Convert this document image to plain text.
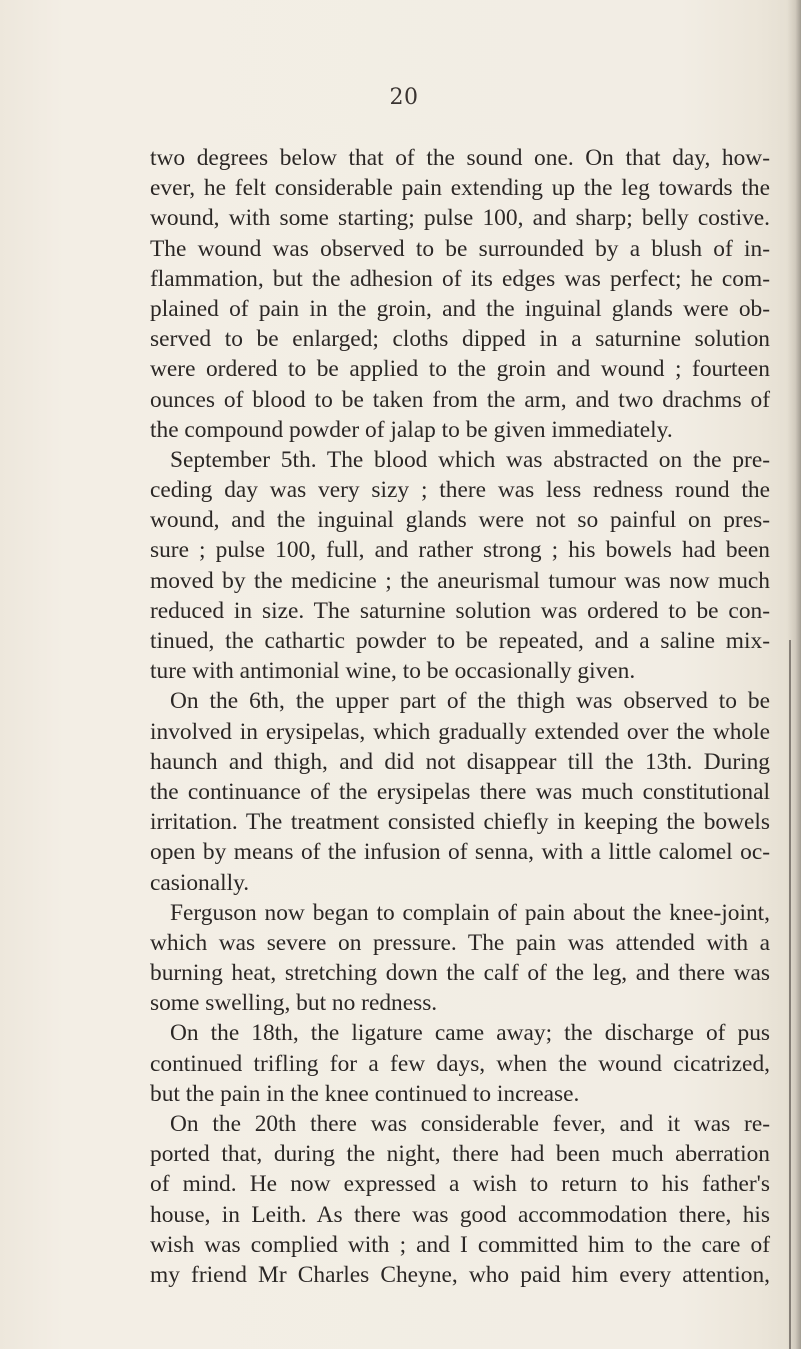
20
two degrees below that of the sound one. On that day, how-
ever, he felt considerable pain extending up the leg towards the
wound, with some starting; pulse 100, and sharp; belly costive.
The wound was observed to be surrounded by a blush of in-
flammation, but the adhesion of its edges was perfect; he com-
plained of pain in the groin, and the inguinal glands were ob-
served to be enlarged; cloths dipped in a saturnine solution
were ordered to be applied to the groin and wound ; fourteen
ounces of blood to be taken from the arm, and two drachms of
the compound powder of jalap to be given immediately.
September 5th. The blood which was abstracted on the pre-
ceding day was very sizy ; there was less redness round the
wound, and the inguinal glands were not so painful on pres-
sure ; pulse 100, full, and rather strong ; his bowels had been
moved by the medicine ; the aneurismal tumour was now much
reduced in size. The saturnine solution was ordered to be con-
tinued, the cathartic powder to be repeated, and a saline mix-
ture with antimonial wine, to be occasionally given.
On the 6th, the upper part of the thigh was observed to be
involved in erysipelas, which gradually extended over the whole
haunch and thigh, and did not disappear till the 13th. During
the continuance of the erysipelas there was much constitutional
irritation. The treatment consisted chiefly in keeping the bowels
open by means of the infusion of senna, with a little calomel oc-
casionally.
Ferguson now began to complain of pain about the knee-joint,
which was severe on pressure. The pain was attended with a
burning heat, stretching down the calf of the leg, and there was
some swelling, but no redness.
On the 18th, the ligature came away; the discharge of pus
continued trifling for a few days, when the wound cicatrized,
but the pain in the knee continued to increase.
On the 20th there was considerable fever, and it was re-
ported that, during the night, there had been much aberration
of mind. He now expressed a wish to return to his father's
house, in Leith. As there was good accommodation there, his
wish was complied with ; and I committed him to the care of
my friend Mr Charles Cheyne, who paid him every attention,
